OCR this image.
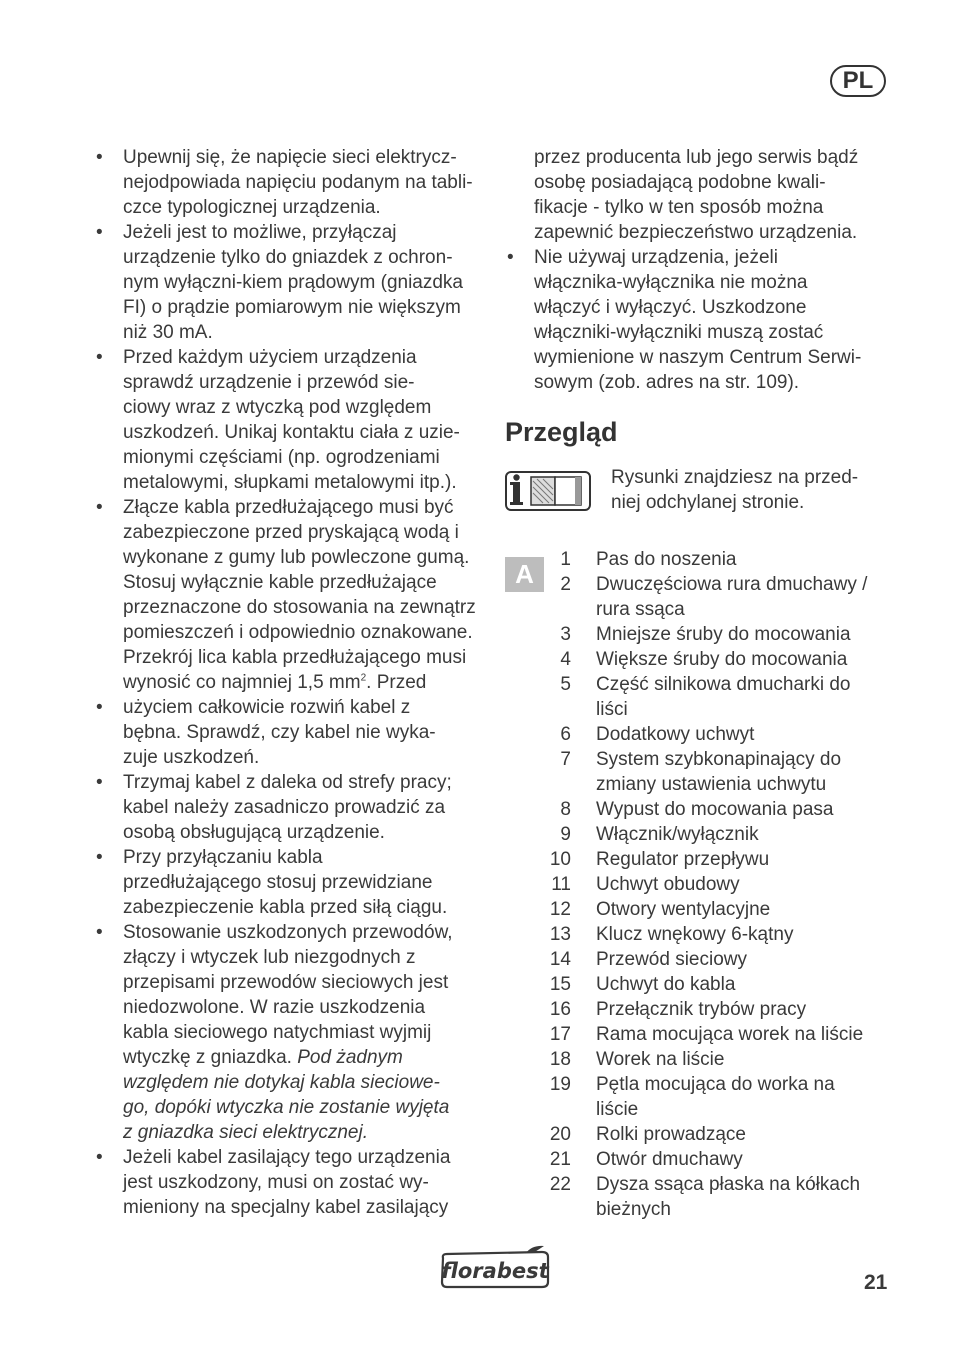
PL
• Upewnij się, że napięcie sieci elektrycz-
nejodpowiada napięciu podanym na tabli-
czce typologicznej urządzenia.
• Jeżeli jest to możliwe, przyłączaj
urządzenie tylko do gniazdek z ochron-
nym wyłączni-kiem prądowym (gniazdka
FI) o prądzie pomiarowym nie większym
niż 30 mA.
• Przed każdym użyciem urządzenia
sprawdź urządzenie i przewód sie-
ciowy wraz z wtyczką pod względem
uszkodzeń. Unikaj kontaktu ciała z uzie-
mionymi częściami (np. ogrodzeniami
metalowymi, słupkami metalowymi itp.).
• Złącze kabla przedłużającego musi być
zabezpieczone przed pryskającą wodą i
wykonane z gumy lub powleczone gumą.
Stosuj wyłącznie kable przedłużające
przeznaczone do stosowania na zewnątrz
pomieszczeń i odpowiednio oznakowane.
Przekrój lica kabla przedłużającego musi
wynosić co najmniej 1,5 $mm^2$. Przed
• użyciem całkowicie rozwiń kabel z
bębna. Sprawdź, czy kabel nie wyka-
zuje uszkodzeń.
• Trzymaj kabel z daleka od strefy pracy;
kabel należy zasadniczo prowadzić za
osobą obsługującą urządzenie.
• Przy przyłączaniu kabla
przedłużającego stosuj przewidziane
zabezpieczenie kabla przed siłą ciągu.
• Stosowanie uszkodzonych przewodów,
złączy i wtyczek lub niezgodnych z
przepisami przewodów sieciowych jest
niedozwolone. W razie uszkodzenia
kabla sieciowego natychmiast wyjmij
wtyczkę z gniazdka. Pod żadnym
względem nie dotykaj kabla sieciowe-
go, dopóki wtyczka nie zostanie wyjęta
z gniazdka sieci elektrycznej.
• Jeżeli kabel zasilający tego urządzenia
jest uszkodzony, musi on zostać wy-
mieniony na specjalny kabel zasilający
przez producenta lub jego serwis bądź
osobę posiadającą podobne kwali-
fikacje - tylko w ten sposób można
zapewnić bezpieczeństwo urządzenia.
• Nie używaj urządzenia, jeżeli
włącznika-wyłącznika nie można
włączyć i wyłączyć. Uszkodzone
włączniki-wyłączniki muszą zostać
wymienione w naszym Centrum Serwi-
sowym (zob. adres na str. 109).
Przegląd
Rysunki znajdziesz na przed-
niej odchylanej stronie.
A	1 Pas do noszenia
2 Dwuczęściowa rura dmuchawy /
rura ssąca
3 Mniejsze śruby do mocowania
4 Większe śruby do mocowania
5 Część silnikowa dmucharki do
liści
6 Dodatkowy uchwyt
7 System szybkonapinający do
zmiany ustawienia uchwytu
8 Wypust do mocowania pasa
9 Włącznik/wyłącznik
10 Regulator przepływu
11 Uchwyt obudowy
12 Otwory wentylacyjne
13 Klucz wnękowy 6-kątny
14 Przewód sieciowy
15 Uchwyt do kabla
16 Przełącznik trybów pracy
17 Rama mocująca worek na liście
18 Worek na liście
19 Pętla mocująca do worka na
liście
20 Rolki prowadzące
21 Otwór dmuchawy
22 Dysza ssąca płaska na kółkach
bieżnych
florabest	21
